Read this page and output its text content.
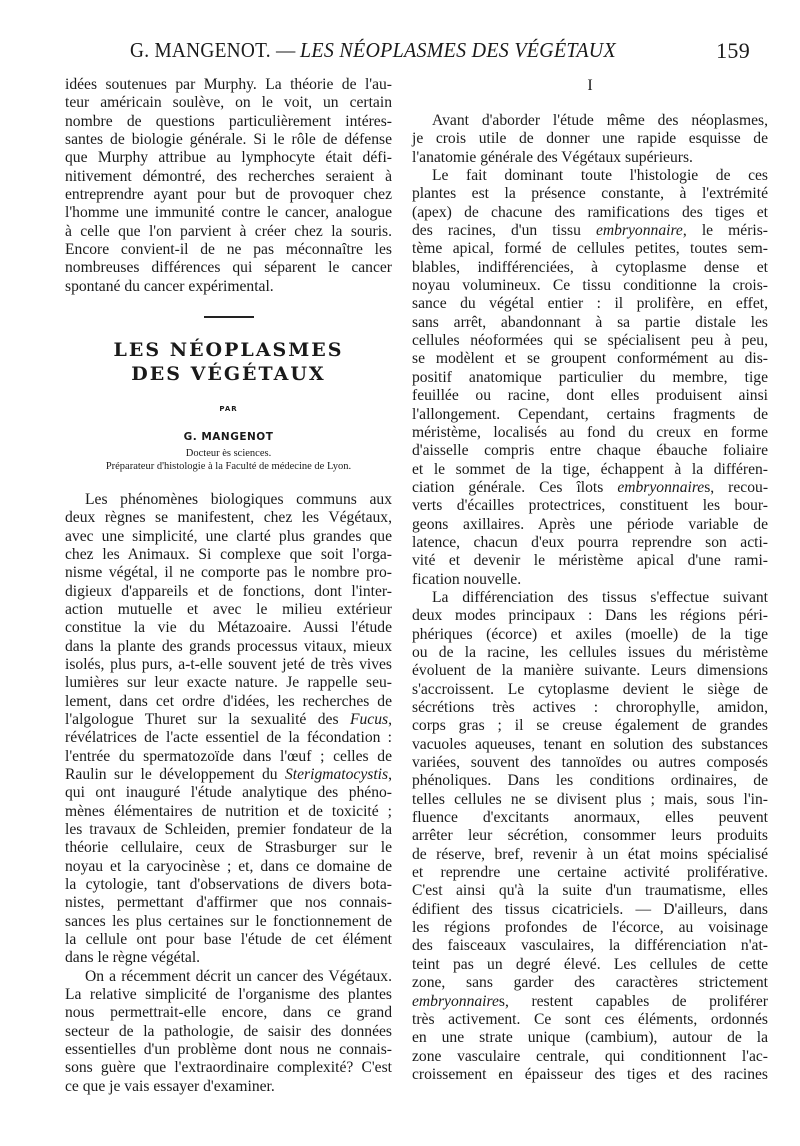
G. MANGENOT. — LES NÉOPLASMES DES VÉGÉTAUX	159
idées soutenues par Murphy. La théorie de l'au-
teur américain soulève, on le voit, un certain
nombre de questions particulièrement intéres-
santes de biologie générale. Si le rôle de défense
que Murphy attribue au lymphocyte était défi-
nitivement démontré, des recherches seraient à
entreprendre ayant pour but de provoquer chez
l'homme une immunité contre le cancer, analogue
à celle que l'on parvient à créer chez la souris.
Encore convient-il de ne pas méconnaître les
nombreuses différences qui séparent le cancer
spontané du cancer expérimental.

LES NÉOPLASMES

DES VÉGÉTAUX

PAR
G. MANGENOT
Docteur ès sciences.
Préparateur d'histologie à la Faculté de médecine de Lyon.
Les phénomènes biologiques communs aux
deux règnes se manifestent, chez les Végétaux,
avec une simplicité, une clarté plus grandes que
chez les Animaux. Si complexe que soit l'orga-
nisme végétal, il ne comporte pas le nombre pro-
digieux d'appareils et de fonctions, dont l'inter-
action mutuelle et avec le milieu extérieur
constitue la vie du Métazoaire. Aussi l'étude
dans la plante des grands processus vitaux, mieux
isolés, plus purs, a-t-elle souvent jeté de très vives
lumières sur leur exacte nature. Je rappelle seu-
lement, dans cet ordre d'idées, les recherches de
l'algologue Thuret sur la sexualité des Fucus,
révélatrices de l'acte essentiel de la fécondation :
l'entrée du spermatozoïde dans l'œuf ; celles de
Raulin sur le développement du Sterigmatocystis,
qui ont inauguré l'étude analytique des phéno-
mènes élémentaires de nutrition et de toxicité ;
les travaux de Schleiden, premier fondateur de la
théorie cellulaire, ceux de Strasburger sur le
noyau et la caryocinèse ; et, dans ce domaine de
la cytologie, tant d'observations de divers bota-
nistes, permettant d'affirmer que nos connais-
sances les plus certaines sur le fonctionnement de
la cellule ont pour base l'étude de cet élément
dans le règne végétal.
On a récemment décrit un cancer des Végétaux.
La relative simplicité de l'organisme des plantes
nous permettrait-elle encore, dans ce grand
secteur de la pathologie, de saisir des données
essentielles d'un problème dont nous ne connais-
sons guère que l'extraordinaire complexité? C'est
ce que je vais essayer d'examiner.
I
Avant d'aborder l'étude même des néoplasmes,
je crois utile de donner une rapide esquisse de
l'anatomie générale des Végétaux supérieurs.
Le fait dominant toute l'histologie de ces
plantes est la présence constante, à l'extrémité
(apex) de chacune des ramifications des tiges et
des racines, d'un tissu embryonnaire, le méris-
tème apical, formé de cellules petites, toutes sem-
blables, indifférenciées, à cytoplasme dense et
noyau volumineux. Ce tissu conditionne la crois-
sance du végétal entier : il prolifère, en effet,
sans arrêt, abandonnant à sa partie distale les
cellules néoformées qui se spécialisent peu à peu,
se modèlent et se groupent conformément au dis-
positif anatomique particulier du membre, tige
feuillée ou racine, dont elles produisent ainsi
l'allongement. Cependant, certains fragments de
méristème, localisés au fond du creux en forme
d'aisselle compris entre chaque ébauche foliaire
et le sommet de la tige, échappent à la différen-
ciation générale. Ces îlots embryonnaires, recou-
verts d'écailles protectrices, constituent les bour-
geons axillaires. Après une période variable de
latence, chacun d'eux pourra reprendre son acti-
vité et devenir le méristème apical d'une rami-
fication nouvelle.
La différenciation des tissus s'effectue suivant
deux modes principaux : Dans les régions péri-
phériques (écorce) et axiles (moelle) de la tige
ou de la racine, les cellules issues du méristème
évoluent de la manière suivante. Leurs dimensions
s'accroissent. Le cytoplasme devient le siège de
sécrétions très actives : chrorophylle, amidon,
corps gras ; il se creuse également de grandes
vacuoles aqueuses, tenant en solution des substances
variées, souvent des tannoïdes ou autres composés
phénoliques. Dans les conditions ordinaires, de
telles cellules ne se divisent plus ; mais, sous l'in-
fluence d'excitants anormaux, elles peuvent
arrêter leur sécrétion, consommer leurs produits
de réserve, bref, revenir à un état moins spécialisé
et reprendre une certaine activité proliférative.
C'est ainsi qu'à la suite d'un traumatisme, elles
édifient des tissus cicatriciels. — D'ailleurs, dans
les régions profondes de l'écorce, au voisinage
des faisceaux vasculaires, la différenciation n'at-
teint pas un degré élevé. Les cellules de cette
zone, sans garder des caractères strictement
embryonnaires, restent capables de proliférer
très activement. Ce sont ces éléments, ordonnés
en une strate unique (cambium), autour de la
zone vasculaire centrale, qui conditionnent l'ac-
croissement en épaisseur des tiges et des racines
